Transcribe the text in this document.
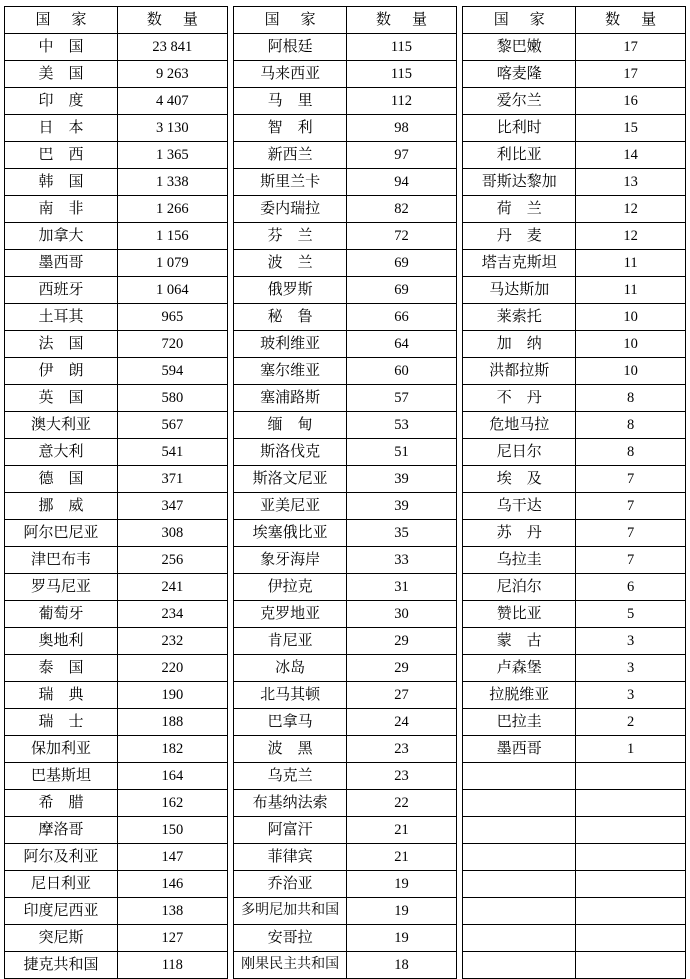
国　家	数　量		国　家	数　量		国　家	数　量

中　国	23 841		阿根廷	115		黎巴嫩	17

美　国	9 263		马来西亚	115		喀麦隆	17

印　度	4 407		马　里	112		爱尔兰	16

日　本	3 130		智　利	98		比利时	15

巴　西	1 365		新西兰	97		利比亚	14

韩　国	1 338		斯里兰卡	94		哥斯达黎加	13

南　非	1 266		委内瑞拉	82		荷　兰	12

加拿大	1 156		芬　兰	72		丹　麦	12

墨西哥	1 079		波　兰	69		塔吉克斯坦	11

西班牙	1 064		俄罗斯	69		马达斯加	11

土耳其	965		秘　鲁	66		莱索托	10

法　国	720		玻利维亚	64		加　纳	10

伊　朗	594		塞尔维亚	60		洪都拉斯	10

英　国	580		塞浦路斯	57		不　丹	8

澳大利亚	567		缅　甸	53		危地马拉	8

意大利	541		斯洛伐克	51		尼日尔	8

德　国	371		斯洛文尼亚	39		埃　及	7

挪　威	347		亚美尼亚	39		乌干达	7

阿尔巴尼亚	308		埃塞俄比亚	35		苏　丹	7

津巴布韦	256		象牙海岸	33		乌拉圭	7

罗马尼亚	241		伊拉克	31		尼泊尔	6

葡萄牙	234		克罗地亚	30		赞比亚	5

奥地利	232		肯尼亚	29		蒙　古	3

泰　国	220		冰岛	29		卢森堡	3

瑞　典	190		北马其顿	27		拉脱维亚	3

瑞　士	188		巴拿马	24		巴拉圭	2

保加利亚	182		波　黑	23		墨西哥	1

巴基斯坦	164		乌克兰	23			

希　腊	162		布基纳法索	22			

摩洛哥	150		阿富汗	21			

阿尔及利亚	147		菲律宾	21			

尼日利亚	146		乔治亚	19			

印度尼西亚	138		多明尼加共和国	19			

突尼斯	127		安哥拉	19			

捷克共和国	118		刚果民主共和国	18			
